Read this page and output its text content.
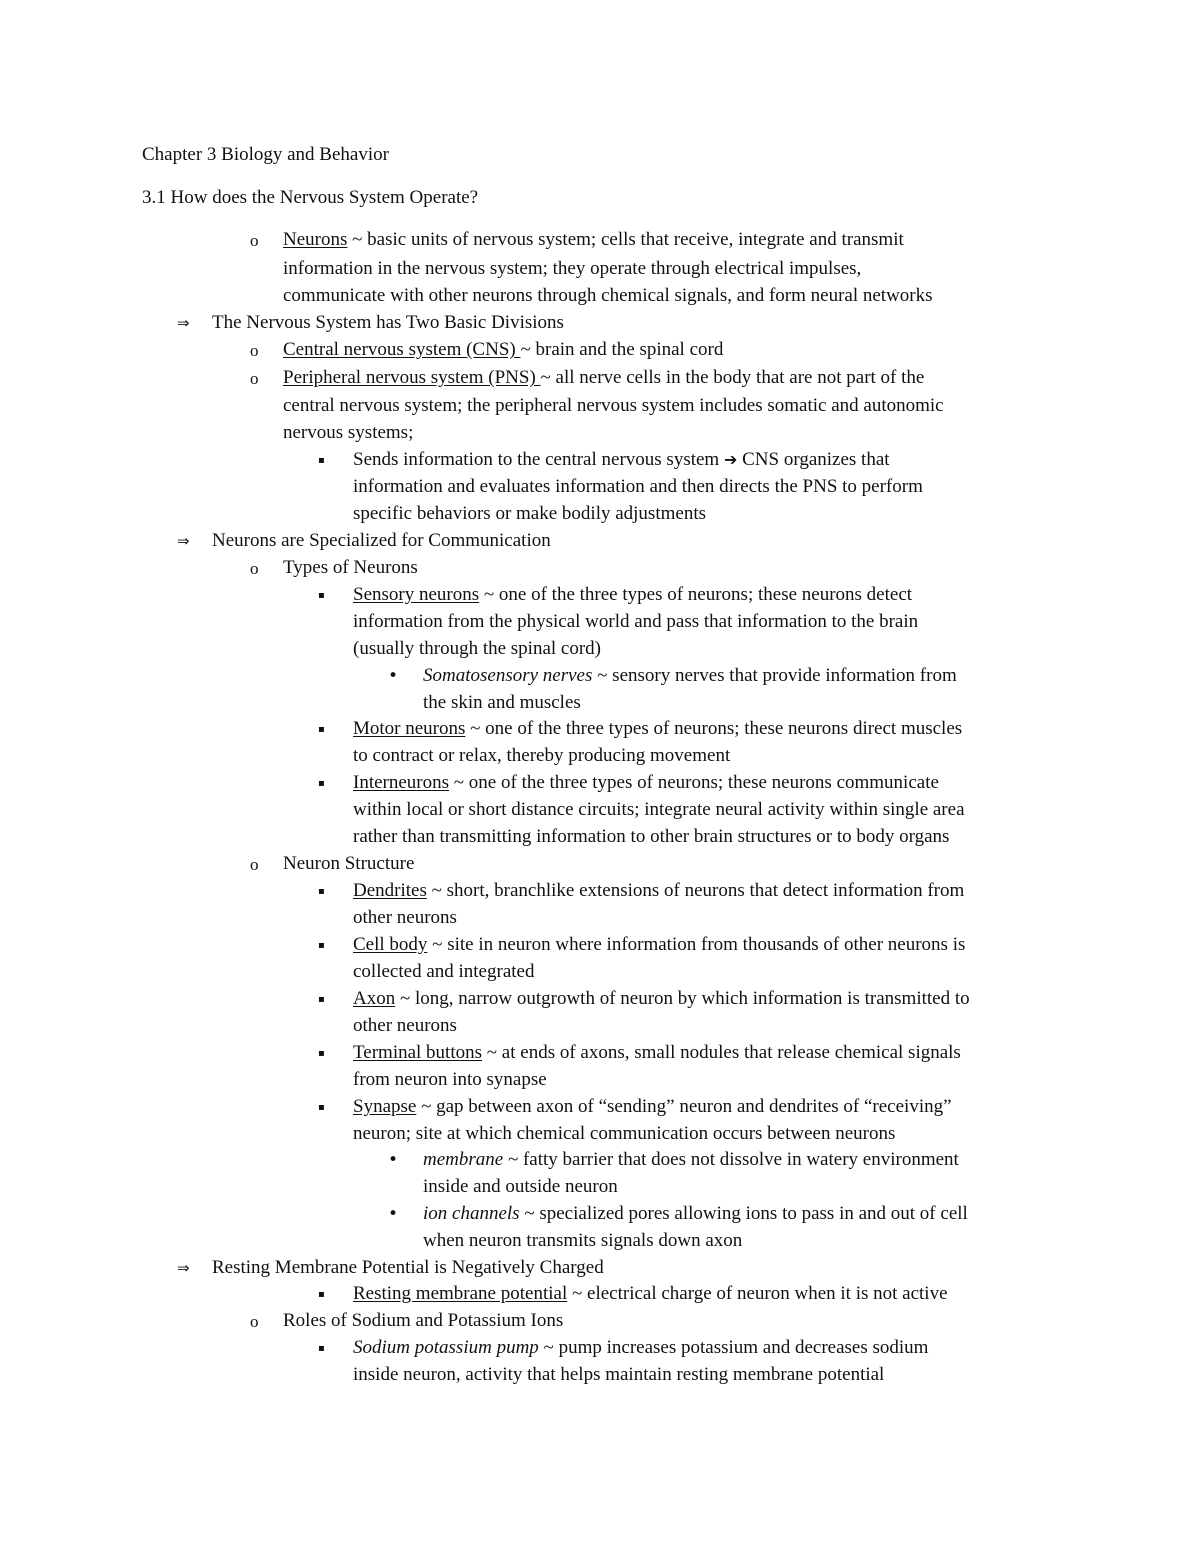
Chapter 3 Biology and Behavior
3.1 How does the Nervous System Operate?
o Neurons ~ basic units of nervous system; cells that receive, integrate and transmit
information in the nervous system; they operate through electrical impulses,
communicate with other neurons through chemical signals, and form neural networks
⇒ The Nervous System has Two Basic Divisions
o Central nervous system (CNS) ~ brain and the spinal cord
o Peripheral nervous system (PNS) ~ all nerve cells in the body that are not part of the
central nervous system; the peripheral nervous system includes somatic and autonomic
nervous systems;
▪ Sends information to the central nervous system ➔ CNS organizes that
information and evaluates information and then directs the PNS to perform
specific behaviors or make bodily adjustments
⇒ Neurons are Specialized for Communication
o Types of Neurons
▪ Sensory neurons ~ one of the three types of neurons; these neurons detect
information from the physical world and pass that information to the brain
(usually through the spinal cord)
• Somatosensory nerves ~ sensory nerves that provide information from
the skin and muscles
▪ Motor neurons ~ one of the three types of neurons; these neurons direct muscles
to contract or relax, thereby producing movement
▪ Interneurons ~ one of the three types of neurons; these neurons communicate
within local or short distance circuits; integrate neural activity within single area
rather than transmitting information to other brain structures or to body organs
o Neuron Structure
▪ Dendrites ~ short, branchlike extensions of neurons that detect information from
other neurons
▪ Cell body ~ site in neuron where information from thousands of other neurons is
collected and integrated
▪ Axon ~ long, narrow outgrowth of neuron by which information is transmitted to
other neurons
▪ Terminal buttons ~ at ends of axons, small nodules that release chemical signals
from neuron into synapse
▪ Synapse ~ gap between axon of “sending” neuron and dendrites of “receiving”
neuron; site at which chemical communication occurs between neurons
• membrane ~ fatty barrier that does not dissolve in watery environment
inside and outside neuron
• ion channels ~ specialized pores allowing ions to pass in and out of cell
when neuron transmits signals down axon
⇒ Resting Membrane Potential is Negatively Charged
▪ Resting membrane potential ~ electrical charge of neuron when it is not active
o Roles of Sodium and Potassium Ions
▪ Sodium potassium pump ~ pump increases potassium and decreases sodium
inside neuron, activity that helps maintain resting membrane potential
